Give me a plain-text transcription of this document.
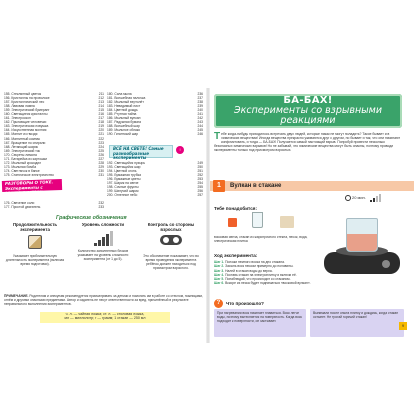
155. Стеклянный цветок	211
156. Кристаллы на проволоке	212
157. Кристаллический лес	213
158. Лавовая лампа	214
159. Электрический бумеранг	215
160. Светящиеся кристаллы	216
161. Электроскоп	217
162. Прыгающие человечки	218
163. Электрическая ловушка	219
164. Искусственная молния	220
165. Магнит из гвоздя	221
166. Магнитный компас	222
167. Вращение по спирали	223
168. Летающий шарик	224
169. Электрический ток	225
170. Секреты лимона	226
171. Батарейка из картошки	227
172. Мыльный крокодил	228
173. Мыльная бомба	229
174. Светлячок в банке	230
175. Статическое электричество	231
176. Свечение соли	232
177. Простой двигатель	233
180. Сила мыла	236
181. Волшебная палочка	237
182. Мыльный вертолёт	238
183. Невидимый лист	239
184. Цветной дождь	240
185. Ртутная тайна	241
186. Мыльный вулкан	242
187. Радужная бумага	243
188. Волшебный шар	244
189. Мыльное облако	245
190. Гигантский шар	246
192. Светящийся пузырь	249
193. Светящийся шар	250
194. Цветной огонь	251
195. Бумажная трубка	252
196. Бумажные цветы	253
197. Шарик на свече	254
198. Сочные фрукты	255
199. Шипучий шарик	256
200. Огненное небо	257
РАЗГОВОРЫ О ТОКЕ. Эксперименты с электричеством
ВСЁ НА СВЕТЕ! Самые разнообразные эксперименты
!
Графические обозначения
Продолжительность эксперимента
Указывает приблизительную длительность эксперимента (включая время подготовки).
Уровень сложности
Количество заполненных блоков указывает на уровень сложности эксперимента (от 1 до 5).
Контроль со стороны взрослых
Это обозначение показывает, что во время проведения эксперимента ребёнок должен находиться под присмотром взрослого.
ПРИМЕЧАНИЕ. Родителям и опекунам рекомендуется присматривать за детьми и помогать им в работе со стеклом, ножницами, огнём и другими опасными предметами. Автор и издатель не несут ответственности за вред, причинённый в результате неправильного выполнения экспериментов.
ч. л. — чайная ложка; ст. л. — столовая ложка,
мл — миллилитр; г — грамм; 1 стакан — 250 мл
БА-БАХ!
Эксперименты со взрывными реакциями
Т ебе когда-нибудь приходилось встречать двух людей, которые никак не могут поладить? Такое бывает и в химических веществах! Иногда вещества прекрасно уживаются друг с другом, но бывает и так, что они начинают конфликтовать, и тогда — БА-БАХ! Получается самый настоящий взрыв. Попробуй провести несколько безопасных химических взрывов! Но не забывай, что химические вещества могут быть опасны, поэтому проводи эксперименты только под присмотром взрослых.
1	Вулкан в стакане
20 мин.
Тебе понадобится:
восковая свеча, стакан из жаропрочного стекла, песок, вода, электрическая плитка
Ход эксперимента:
Шаг 1. Положи немного воска на дно стакана.
Шаг 2. Засыпь воск песком примерно до половины.
Шаг 3. Налей в стакан воды до верха.
Шаг 4. Поставь стакан на электроплитку и включи её.
Шаг 5. Понаблюдай, что происходит со стаканом.
Шаг 6. Вскоре из песка будет подниматься «восковой вулкан».
?	Что произошло?
При нагревании воск начинает плавиться. Воск легче воды, поэтому вытесняется на поверхность. Когда воск подходит к поверхности, он застывает.
Вынимали после опыта плитку и дождись, когда стакан остынет. Не трогай горячий стакан!
9
